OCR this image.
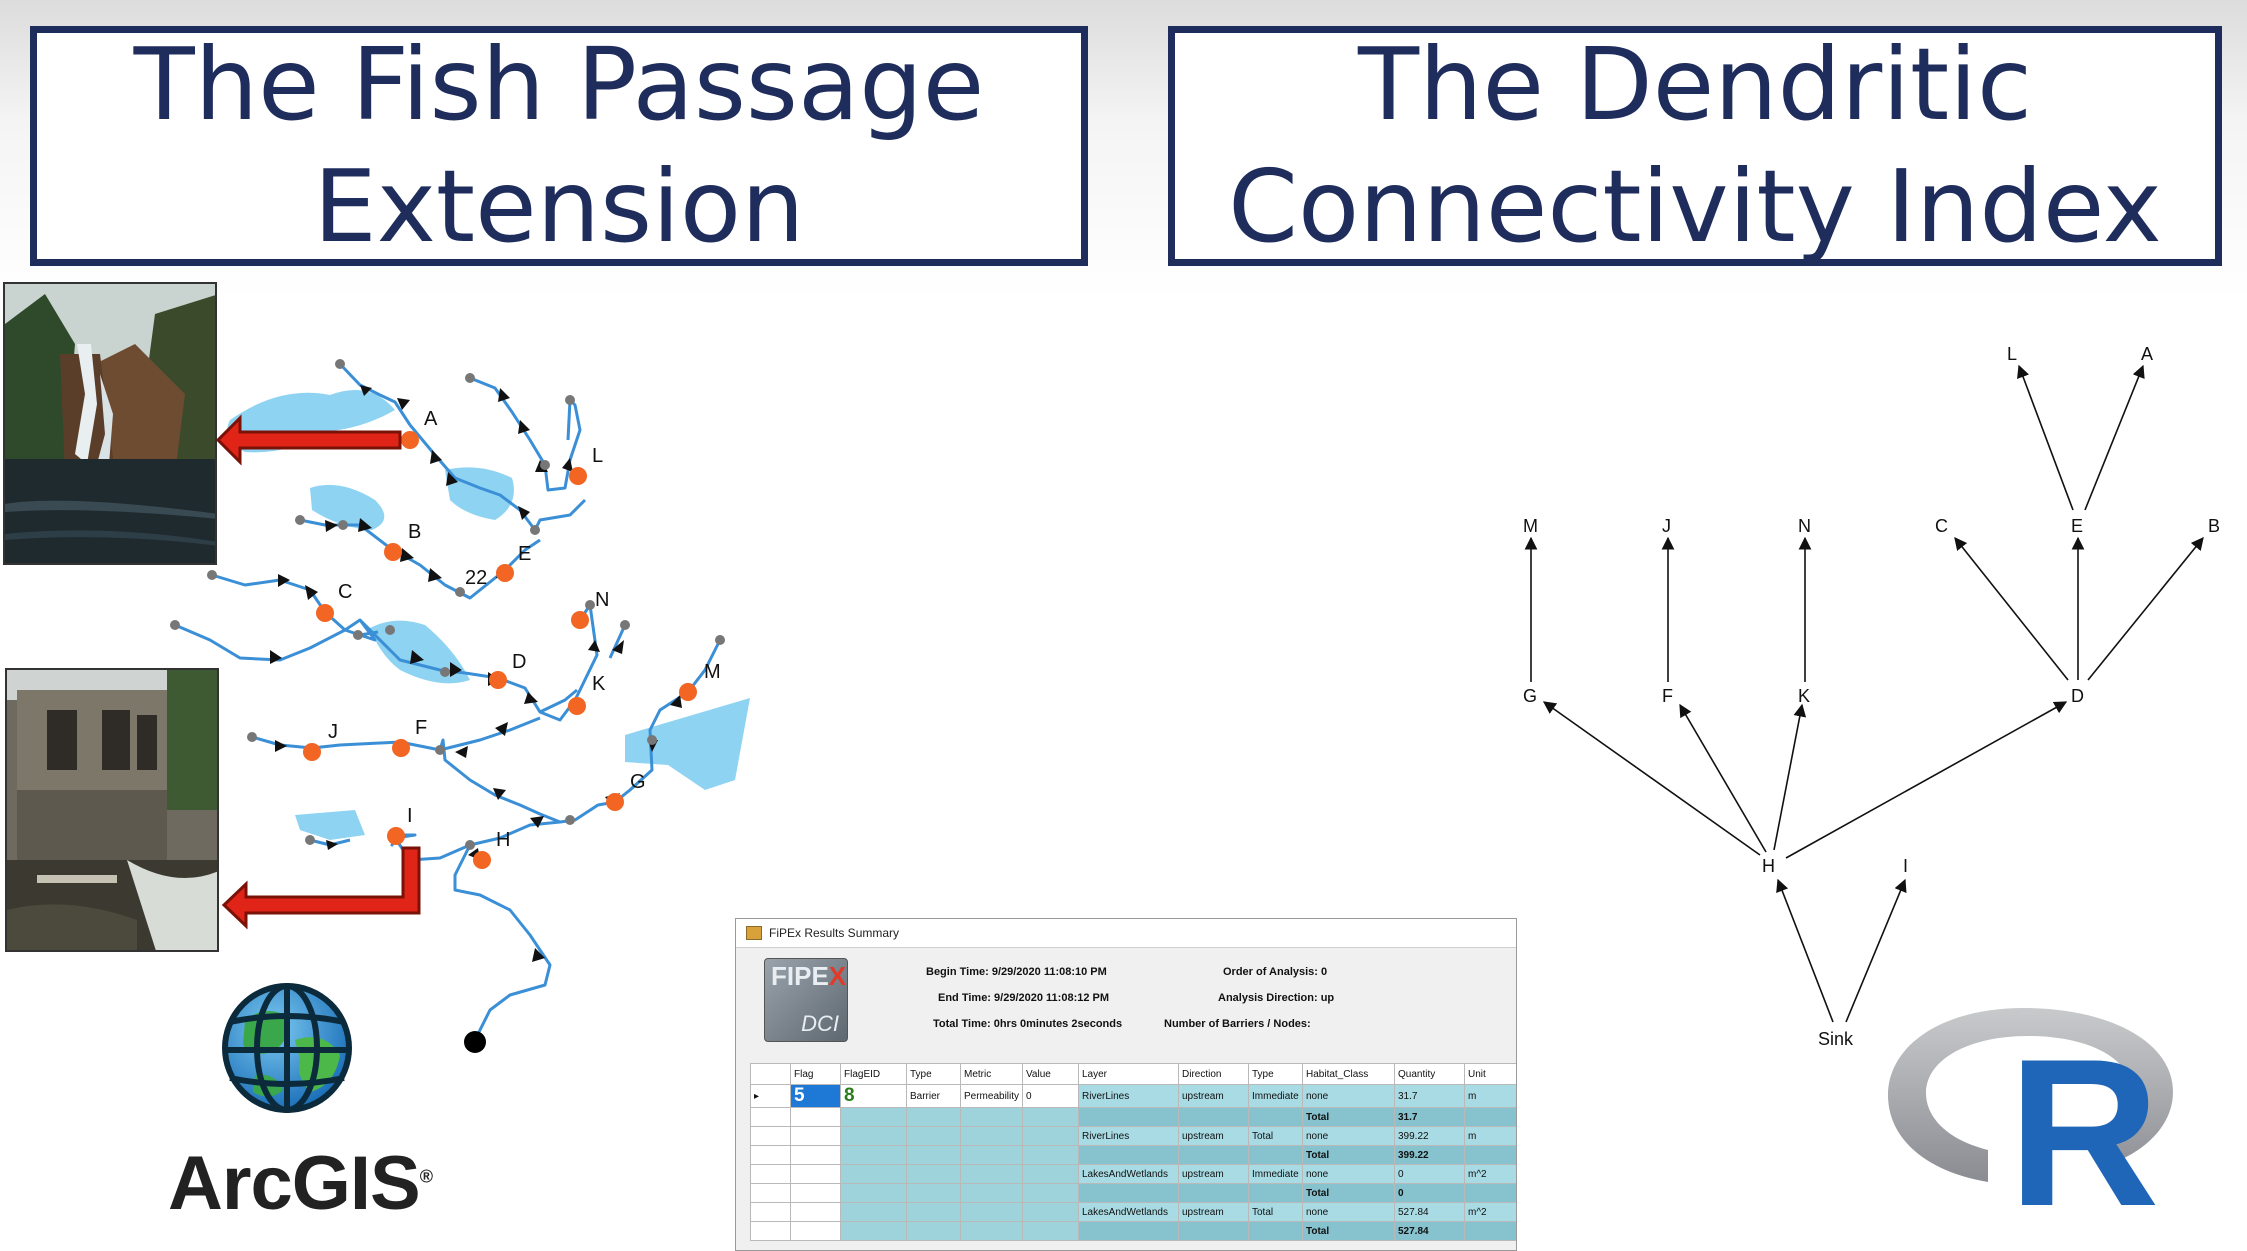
The Fish Passage
Extension
The Dendritic
Connectivity Index
A
L
B
E
22
C	N
D
K
M
J	F
G
I
H
L	A
M	J	N	C	E	B
G	F	K	D
H	I
Sink
ArcGIS®	R
FiPEx Results Summary
FIPEX
DCI
Begin Time: 9/29/2020 11:08:10 PM
End Time: 9/29/2020 11:08:12 PM
Total Time: 0hrs 0minutes 2seconds
Order of Analysis: 0
Analysis Direction: up
Number of Barriers / Nodes:
	Flag	FlagEID	Type	Metric	Value	Layer	Direction	Type	Habitat_Class	Quantity	Unit
▸	5	8	Barrier	Permeability	0	RiverLines	upstream	Immediate	none	31.7	m
									Total	31.7	
						RiverLines	upstream	Total	none	399.22	m
									Total	399.22	
						LakesAndWetlands	upstream	Immediate	none	0	m^2
									Total	0	
						LakesAndWetlands	upstream	Total	none	527.84	m^2
									Total	527.84	
